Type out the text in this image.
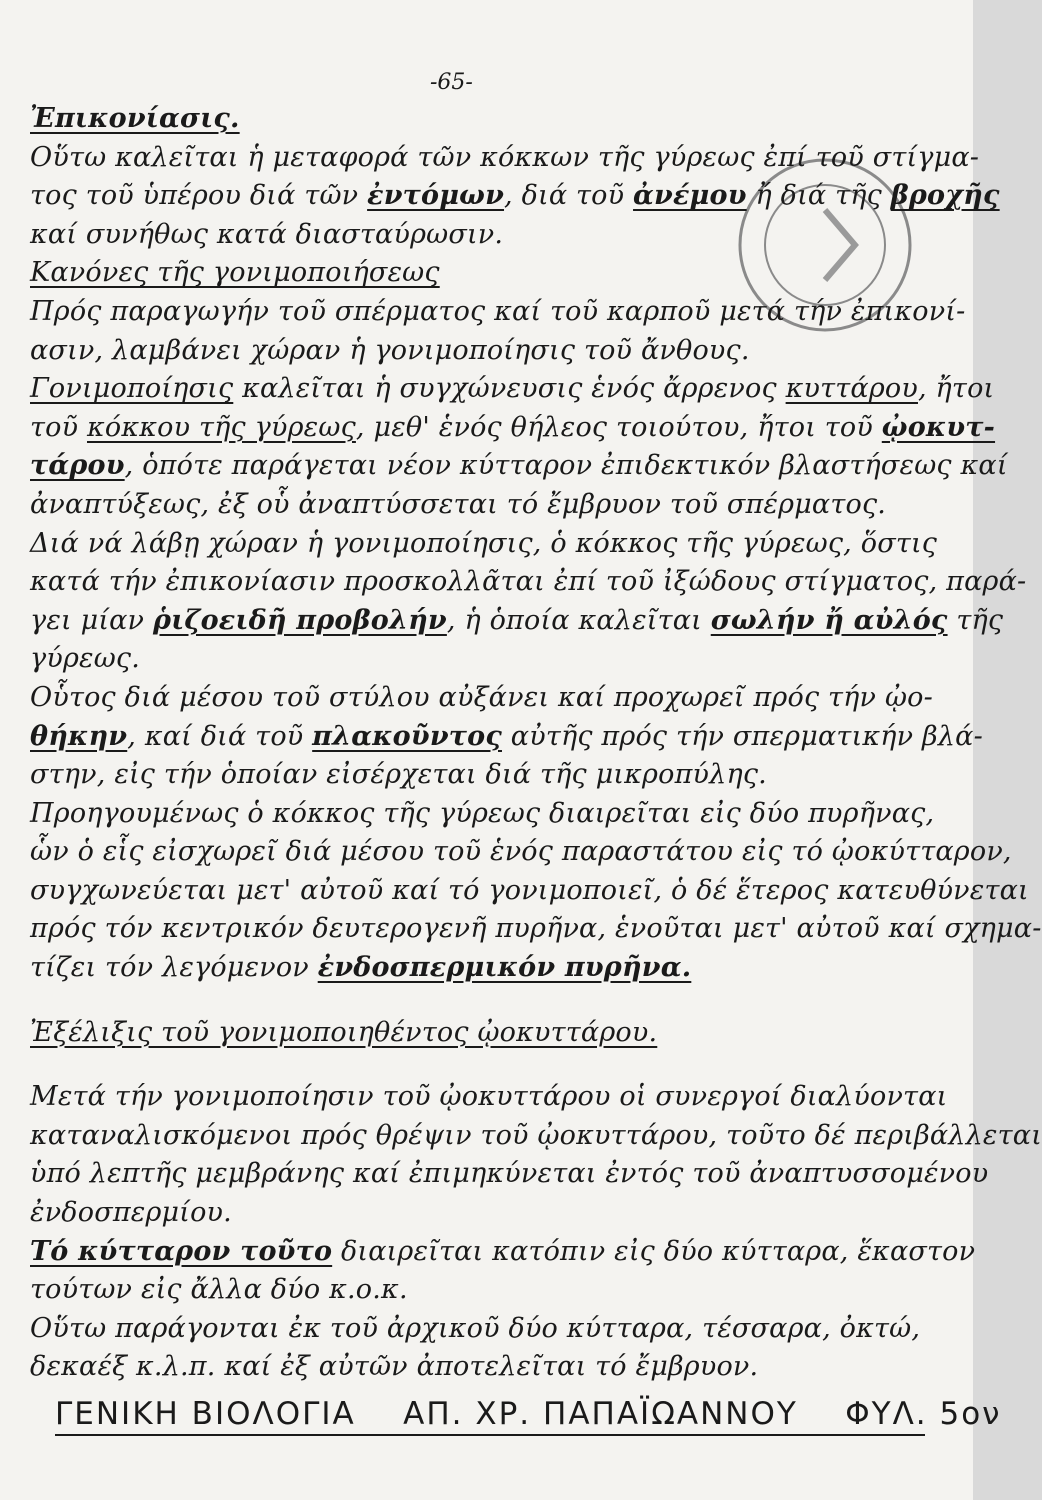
-65-
Ἐπικονίασις.
Οὕτω καλεῖται ἡ μεταφορά τῶν κόκκων τῆς γύρεως ἐπί τοῦ στίγμα-
τος τοῦ ὑπέρου διά τῶν ἐντόμων, διά τοῦ ἀνέμου ἤ διά τῆς βροχῆς
καί συνήθως κατά διασταύρωσιν.
Κανόνες τῆς γονιμοποιήσεως
Πρός παραγωγήν τοῦ σπέρματος καί τοῦ καρποῦ μετά τήν ἐπικονί-
ασιν, λαμβάνει χώραν ἡ γονιμοποίησις τοῦ ἄνθους.
Γονιμοποίησις καλεῖται ἡ συγχώνευσις ἑνός ἄρρενος κυττάρου, ἤτοι
τοῦ κόκκου τῆς γύρεως, μεθ' ἑνός θήλεος τοιούτου, ἤτοι τοῦ ᾠοκυτ-
τάρου, ὁπότε παράγεται νέον κύτταρον ἐπιδεκτικόν βλαστήσεως καί
ἀναπτύξεως, ἐξ οὗ ἀναπτύσσεται τό ἔμβρυον τοῦ σπέρματος.
Διά νά λάβῃ χώραν ἡ γονιμοποίησις, ὁ κόκκος τῆς γύρεως, ὅστις
κατά τήν ἐπικονίασιν προσκολλᾶται ἐπί τοῦ ἰξώδους στίγματος, παρά-
γει μίαν ῥιζοειδῆ προβολήν, ἡ ὁποία καλεῖται σωλήν ἤ αὐλός τῆς
γύρεως.
Οὗτος διά μέσου τοῦ στύλου αὐξάνει καί προχωρεῖ πρός τήν ᾠο-
θήκην, καί διά τοῦ πλακοῦντος αὐτῆς πρός τήν σπερματικήν βλά-
στην, εἰς τήν ὁποίαν εἰσέρχεται διά τῆς μικροπύλης.
Προηγουμένως ὁ κόκκος τῆς γύρεως διαιρεῖται εἰς δύο πυρῆνας,
ὧν ὁ εἷς εἰσχωρεῖ διά μέσου τοῦ ἑνός παραστάτου εἰς τό ᾠοκύτταρον,
συγχωνεύεται μετ' αὐτοῦ καί τό γονιμοποιεῖ, ὁ δέ ἕτερος κατευθύνεται
πρός τόν κεντρικόν δευτερογενῆ πυρῆνα, ἑνοῦται μετ' αὐτοῦ καί σχημα-
τίζει τόν λεγόμενον ἐνδοσπερμικόν πυρῆνα.
Ἐξέλιξις τοῦ γονιμοποιηθέντος ᾠοκυττάρου.
Μετά τήν γονιμοποίησιν τοῦ ᾠοκυττάρου οἱ συνεργοί διαλύονται
καταναλισκόμενοι πρός θρέψιν τοῦ ᾠοκυττάρου, τοῦτο δέ περιβάλλεται
ὑπό λεπτῆς μεμβράνης καί ἐπιμηκύνεται ἐντός τοῦ ἀναπτυσσομένου
ἐνδοσπερμίου.
Τό κύτταρον τοῦτο διαιρεῖται κατόπιν εἰς δύο κύτταρα, ἕκαστον
τούτων εἰς ἄλλα δύο κ.ο.κ.
Οὕτω παράγονται ἐκ τοῦ ἀρχικοῦ δύο κύτταρα, τέσσαρα, ὀκτώ,
δεκαέξ κ.λ.π. καί ἐξ αὐτῶν ἀποτελεῖται τό ἔμβρυον.
ΓΕΝΙΚΗ ΒΙΟΛΟΓΙΑ ΑΠ. ΧΡ. ΠΑΠΑΪΩΑΝΝΟΥ ΦΥΛ. 5ον
